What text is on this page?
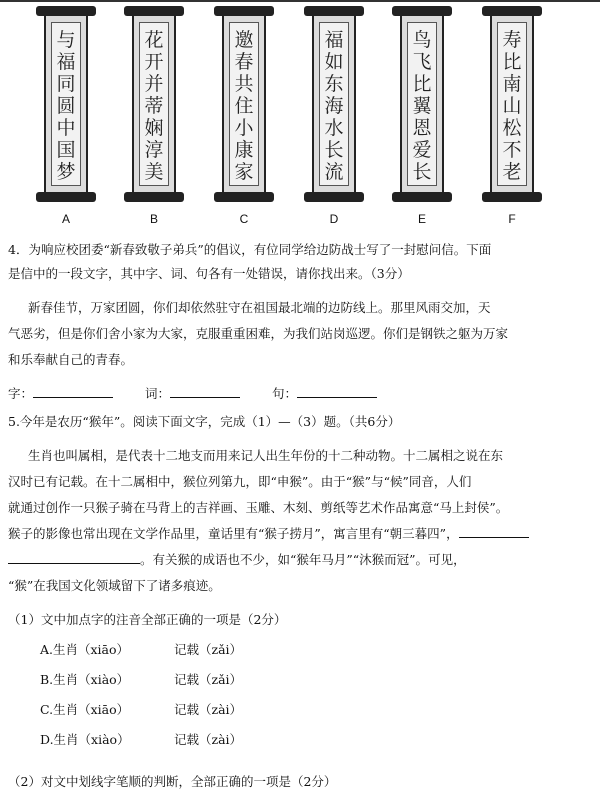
与
福
同
圆
中
国
梦
A
花
开
并
蒂
娴
淳
美
B
邀
春
共
住
小
康
家
C
福
如
东
海
水
长
流
D
鸟
飞
比
翼
恩
爱
长
E
寿
比
南
山
松
不
老
F
4．为响应校团委“新春致敬子弟兵”的倡议，有位同学给边防战士写了一封慰问信。下面
是信中的一段文字，其中字、词、句各有一处错误，请你找出来。（3分）
新春佳节，万家团圆，你们却依然驻守在祖国最北端的边防线上。那里风雨交加，天
气恶劣，但是你们舍小家为大家，克服重重困难，为我们站岗巡逻。你们是钢铁之躯为万家
和乐奉献自己的青春。
字：	词：	句：
5.今年是农历“猴年”。阅读下面文字，完成（1）—（3）题。（共6分）
生肖也叫属相，是代表十二地支而用来记人出生年份的十二种动物。十二属相之说在东
汉时已有记载。在十二属相中，猴位列第九，即“申猴”。由于“猴”与“候”同音，人们
就通过创作一只猴子骑在马背上的吉祥画、玉雕、木刻、剪纸等艺术作品寓意“马上封侯”。
猴子的影像也常出现在文学作品里，童话里有“猴子捞月”，寓言里有“朝三暮四”，
。有关猴的成语也不少，如“猴年马月”“沐猴而冠”。可见，
“猴”在我国文化领域留下了诸多痕迹。
（1）文中加点字的注音全部正确的一项是（2分）
A.生肖（xiāo）	记载（zǎi）
B.生肖（xiào）	记载（zǎi）
C.生肖（xiāo）	记载（zài）
D.生肖（xiào）	记载（zài）
（2）对文中划线字笔顺的判断，全部正确的一项是（2分）
